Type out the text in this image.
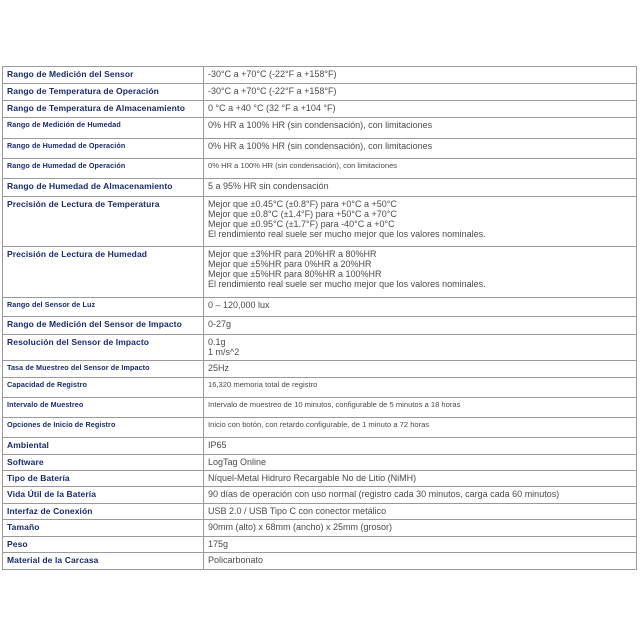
Rango de Medición del Sensor	-30°C a +70°C (-22°F a +158°F)

Rango de Temperatura de Operación	-30°C a +70°C (-22°F a +158°F)

Rango de Temperatura de Almacenamiento	0 °C a +40 °C (32 °F a +104 °F)

Rango de Medición de Humedad	0% HR a 100% HR (sin condensación), con limitaciones

Rango de Humedad de Operación	0% HR a 100% HR (sin condensación), con limitaciones

Rango de Humedad de Operación	0% HR a 100% HR (sin condensación), con limitaciones

Rango de Humedad de Almacenamiento	5 a 95% HR sin condensación

Precisión de Lectura de Temperatura	Mejor que ±0.45°C (±0.8°F) para +0°C a +50°C
Mejor que ±0.8°C (±1.4°F) para +50°C a +70°C
Mejor que ±0.95°C (±1.7°F) para -40°C a +0°C
El rendimiento real suele ser mucho mejor que los valores nominales.

Precisión de Lectura de Humedad	Mejor que ±3%HR para 20%HR a 80%HR
Mejor que ±5%HR para 0%HR a 20%HR
Mejor que ±5%HR para 80%HR a 100%HR
El rendimiento real suele ser mucho mejor que los valores nominales.

Rango del Sensor de Luz	0 – 120,000 lux

Rango de Medición del Sensor de Impacto	0-27g

Resolución del Sensor de Impacto	0.1g
1 m/s^2

Tasa de Muestreo del Sensor de Impacto	25Hz

Capacidad de Registro	16,320 memoria total de registro

Intervalo de Muestreo	Intervalo de muestreo de 10 minutos, configurable de 5 minutos a 18 horas

Opciones de Inicio de Registro	Inicio con botón, con retardo configurable, de 1 minuto a 72 horas

Ambiental	IP65

Software	LogTag Online

Tipo de Batería	Níquel-Metal Hidruro Recargable No de Litio (NiMH)

Vida Útil de la Batería	90 días de operación con uso normal (registro cada 30 minutos, carga cada 60 minutos)

Interfaz de Conexión	USB 2.0 / USB Tipo C con conector metálico

Tamaño	90mm (alto) x 68mm (ancho) x 25mm (grosor)

Peso	175g

Material de la Carcasa	Policarbonato
